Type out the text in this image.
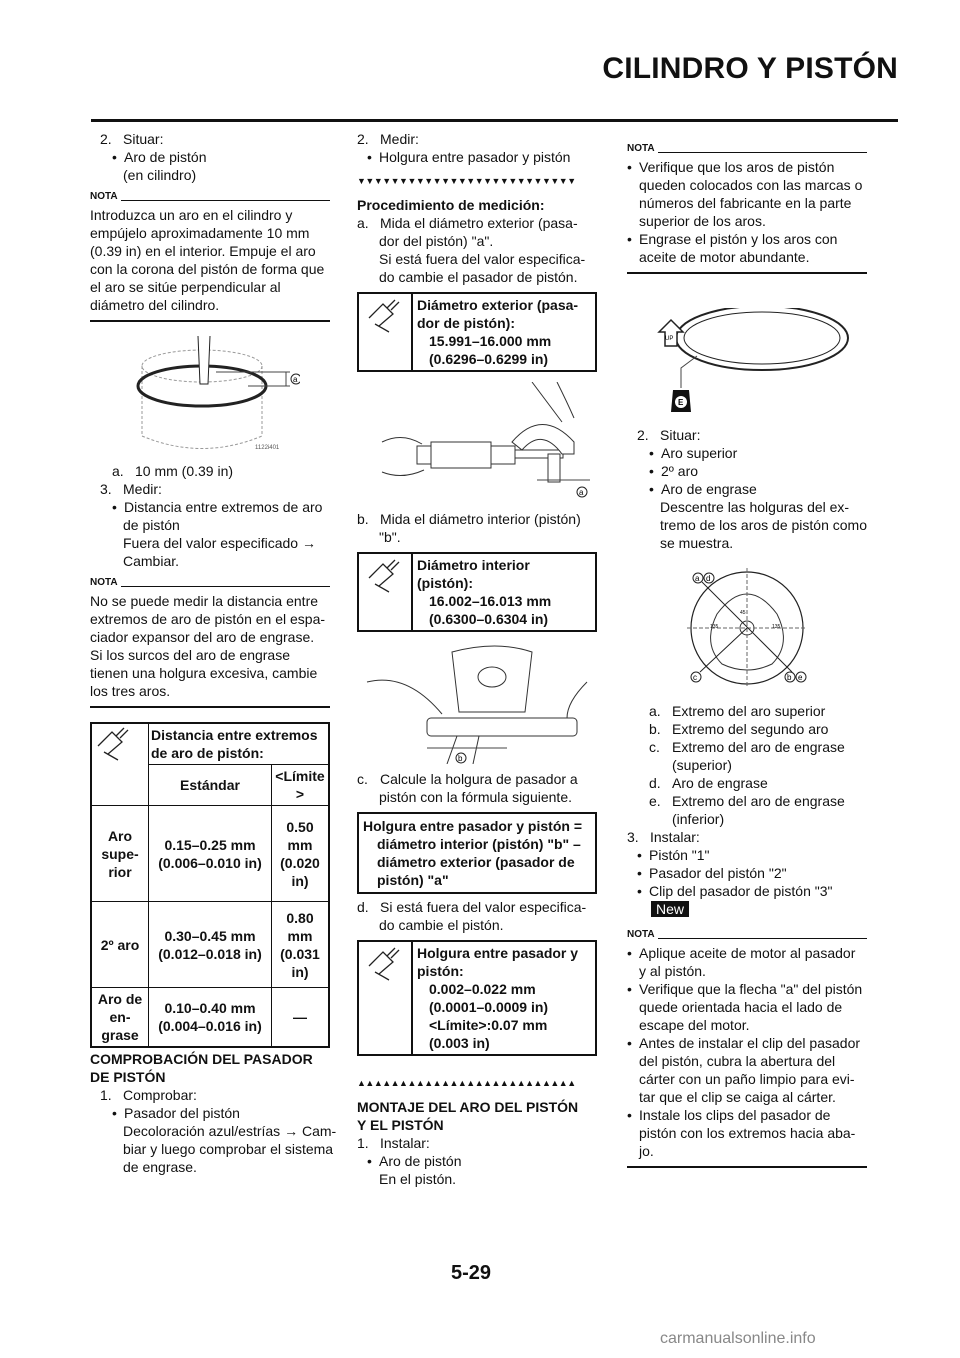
CILINDRO Y PISTÓN
2. Situar:
• Aro de pistón
(en cilindro)
NOTA
Introduzca un aro en el cilindro y
empújelo aproximadamente 10 mm
(0.39 in) en el interior. Empuje el aro
con la corona del pistón de forma que
el aro se sitúe perpendicular al
diámetro del cilindro.
a
1122i401
a. 10 mm (0.39 in)
3. Medir:
• Distancia entre extremos de aro
de pistón
Fuera del valor especificado →
Cambiar.
NOTA
No se puede medir la distancia entre
extremos de aro de pistón en el espa-
ciador expansor del aro de engrase.
Si los surcos del aro de engrase
tienen una holgura excesiva, cambie
los tres aros.
	Distancia entre extremos de aro de pistón:	
	Estándar	<Límite >
Aro supe-rior	0.15–0.25 mm (0.006–0.010 in)	0.50 mm (0.020 in)
2º aro	0.30–0.45 mm (0.012–0.018 in)	0.80 mm (0.031 in)
Aro de en-grase	0.10–0.40 mm (0.004–0.016 in)	—
COMPROBACIÓN DEL PASADOR
DE PISTÓN
1. Comprobar:
• Pasador del pistón
Decoloración azul/estrías → Cam-
biar y luego comprobar el sistema
de engrase.
2. Medir:
• Holgura entre pasador y pistón
▼▼▼▼▼▼▼▼▼▼▼▼▼▼▼▼▼▼▼▼▼▼▼▼▼▼
Procedimiento de medición:
a. Mida el diámetro exterior (pasa-
dor del pistón) "a".
Si está fuera del valor especifica-
do cambie el pasador de pistón.
Diámetro exterior (pasa-
dor de pistón):
15.991–16.000 mm
(0.6296–0.6299 in)
a
b. Mida el diámetro interior (pistón)
"b".
Diámetro interior
(pistón):
16.002–16.013 mm
(0.6300–0.6304 in)
b
c. Calcule la holgura de pasador a
pistón con la fórmula siguiente.
Holgura entre pasador y pistón =
diámetro interior (pistón) "b" –
diámetro exterior (pasador de
pistón) "a"
d. Si está fuera del valor especifica-
do cambie el pistón.
Holgura entre pasador y
pistón:
0.002–0.022 mm
(0.0001–0.0009 in)
<Límite>:0.07 mm
(0.003 in)
▲▲▲▲▲▲▲▲▲▲▲▲▲▲▲▲▲▲▲▲▲▲▲▲▲▲
MONTAJE DEL ARO DEL PISTÓN
Y EL PISTÓN
1. Instalar:
• Aro de pistón
En el pistón.
NOTA
• Verifique que los aros de pistón
queden colocados con las marcas o
números del fabricante en la parte
superior de los aros.
• Engrase el pistón y los aros con
aceite de motor abundante.
UP
E
2. Situar:
• Aro superior
• 2º aro
• Aro de engrase
Descentre las holguras del ex-
tremo de los aros de pistón como
se muestra.
a d
c	b e
135	135
45
a. Extremo del aro superior
b. Extremo del segundo aro
c. Extremo del aro de engrase
(superior)
d. Aro de engrase
e. Extremo del aro de engrase
(inferior)
3. Instalar:
• Pistón "1"
• Pasador del pistón "2"
• Clip del pasador de pistón "3"
New
NOTA
• Aplique aceite de motor al pasador
y al pistón.
• Verifique que la flecha "a" del pistón
quede orientada hacia el lado de
escape del motor.
• Antes de instalar el clip del pasador
del pistón, cubra la abertura del
cárter con un paño limpio para evi-
tar que el clip se caiga al cárter.
• Instale los clips del pasador de
pistón con los extremos hacia aba-
jo.
5-29
carmanualsonline.info
